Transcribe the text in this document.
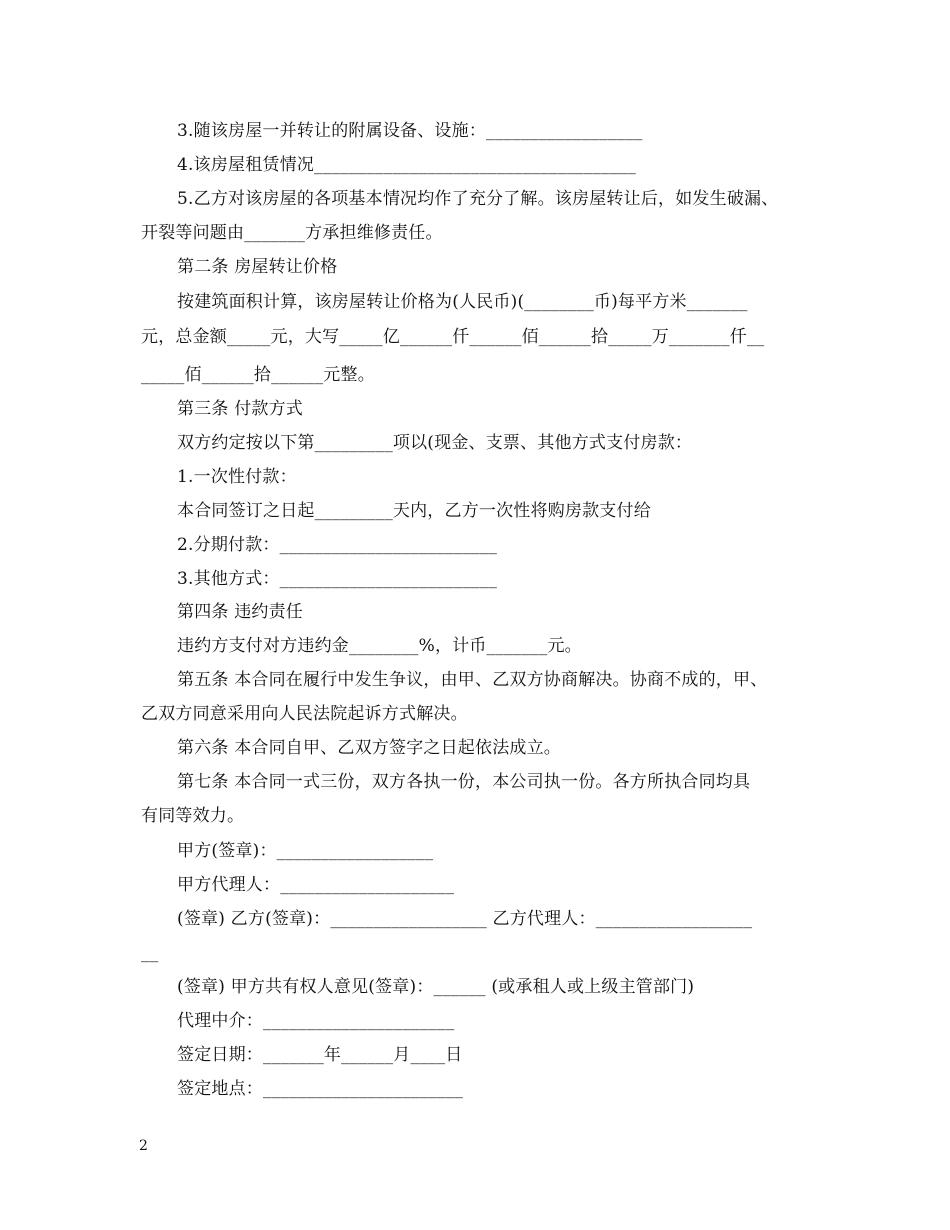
3.随该房屋一并转让的附属设备、设施：__________________
4.该房屋租赁情况_____________________________________
5.乙方对该房屋的各项基本情况均作了充分了解。该房屋转让后，如发生破漏、
开裂等问题由_______方承担维修责任。
第二条 房屋转让价格
按建筑面积计算，该房屋转让价格为(人民币)(________币)每平方米_______
元，总金额_____元，大写_____亿______仟______佰______拾_____万_______仟__
_____佰______拾______元整。
第三条 付款方式
双方约定按以下第_________项以(现金、支票、其他方式支付房款：
1.一次性付款：
本合同签订之日起_________天内，乙方一次性将购房款支付给
2.分期付款：_________________________
3.其他方式：_________________________
第四条 违约责任
违约方支付对方违约金________%，计币_______元。
第五条 本合同在履行中发生争议，由甲、乙双方协商解决。协商不成的，甲、
乙双方同意采用向人民法院起诉方式解决。
第六条 本合同自甲、乙双方签字之日起依法成立。
第七条 本合同一式三份，双方各执一份，本公司执一份。各方所执合同均具
有同等效力。
甲方(签章)：__________________
甲方代理人：____________________
(签章) 乙方(签章)：__________________ 乙方代理人：__________________
__
(签章) 甲方共有权人意见(签章)：______ (或承租人或上级主管部门)
代理中介：______________________
签定日期：_______年______月____日
签定地点：_______________________
2
